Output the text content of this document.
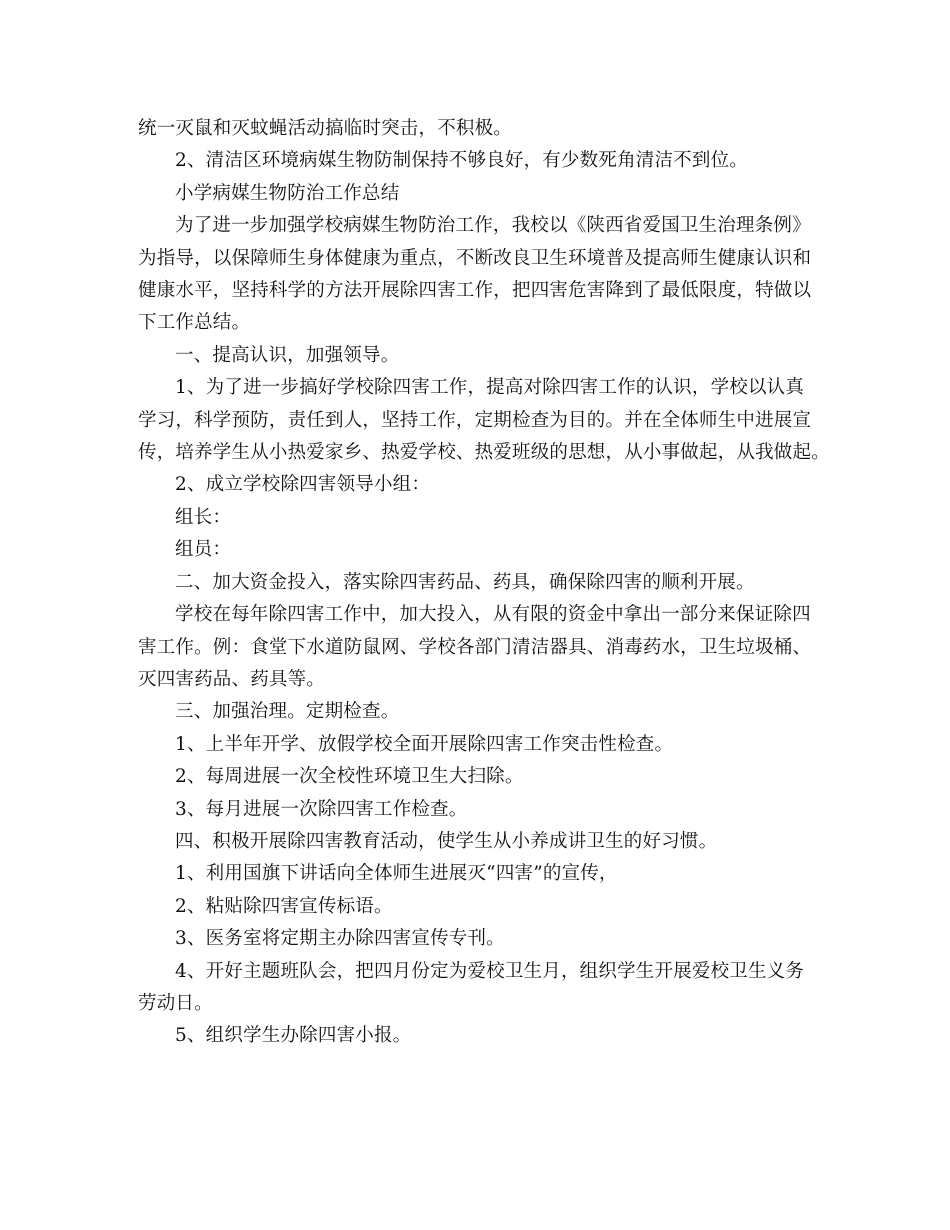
统一灭鼠和灭蚊蝇活动搞临时突击，不积极。
2、清洁区环境病媒生物防制保持不够良好，有少数死角清洁不到位。
小学病媒生物防治工作总结
为了进一步加强学校病媒生物防治工作，我校以《陕西省爱国卫生治理条例》
为指导，以保障师生身体健康为重点，不断改良卫生环境普及提高师生健康认识和
健康水平，坚持科学的方法开展除四害工作，把四害危害降到了最低限度，特做以
下工作总结。
一、提高认识，加强领导。
1、为了进一步搞好学校除四害工作，提高对除四害工作的认识，学校以认真
学习，科学预防，责任到人，坚持工作，定期检查为目的。并在全体师生中进展宣
传，培养学生从小热爱家乡、热爱学校、热爱班级的思想，从小事做起，从我做起。
2、成立学校除四害领导小组：
组长：
组员：
二、加大资金投入，落实除四害药品、药具，确保除四害的顺利开展。
学校在每年除四害工作中，加大投入，从有限的资金中拿出一部分来保证除四
害工作。例：食堂下水道防鼠网、学校各部门清洁器具、消毒药水，卫生垃圾桶、
灭四害药品、药具等。
三、加强治理。定期检查。
1、上半年开学、放假学校全面开展除四害工作突击性检查。
2、每周进展一次全校性环境卫生大扫除。
3、每月进展一次除四害工作检查。
四、积极开展除四害教育活动，使学生从小养成讲卫生的好习惯。
1、利用国旗下讲话向全体师生进展灭“四害”的宣传，
2、粘贴除四害宣传标语。
3、医务室将定期主办除四害宣传专刊。
4、开好主题班队会，把四月份定为爱校卫生月，组织学生开展爱校卫生义务
劳动日。
5、组织学生办除四害小报。
